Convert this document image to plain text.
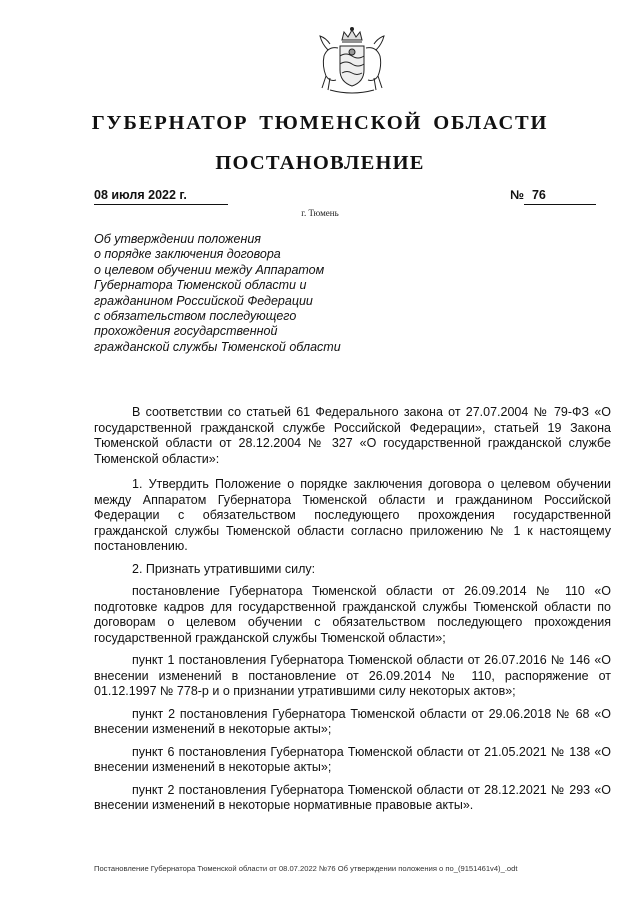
ГУБЕРНАТОР ТЮМЕНСКОЙ ОБЛАСТИ
ПОСТАНОВЛЕНИЕ
08 июля 2022 г.	№ 76
г. Тюмень
Об утверждении положения
о порядке заключения договора
о целевом обучении между Аппаратом
Губернатора Тюменской области и
гражданином Российской Федерации
с обязательством последующего
прохождения государственной
гражданской службы Тюменской области

В соответствии со статьей 61 Федерального закона от 27.07.2004 № 79-ФЗ «О государственной гражданской службе Российской Федерации», статьей 19 Закона Тюменской области от 28.12.2004 № 327 «О государственной гражданской службе Тюменской области»:

1. Утвердить Положение о порядке заключения договора о целевом обучении между Аппаратом Губернатора Тюменской области и гражданином Российской Федерации с обязательством последующего прохождения государственной гражданской службы Тюменской области согласно приложению № 1 к настоящему постановлению.

2. Признать утратившими силу:

постановление Губернатора Тюменской области от 26.09.2014 № 110 «О подготовке кадров для государственной гражданской службы Тюменской области по договорам о целевом обучении с обязательством последующего прохождения государственной гражданской службы Тюменской области»;

пункт 1 постановления Губернатора Тюменской области от 26.07.2016 № 146 «О внесении изменений в постановление от 26.09.2014 № 110, распоряжение от 01.12.1997 № 778-р и о признании утратившими силу некоторых актов»;

пункт 2 постановления Губернатора Тюменской области от 29.06.2018 № 68 «О внесении изменений в некоторые акты»;

пункт 6 постановления Губернатора Тюменской области от 21.05.2021 № 138 «О внесении изменений в некоторые акты»;

пункт 2 постановления Губернатора Тюменской области от 28.12.2021 № 293 «О внесении изменений в некоторые нормативные правовые акты».

Постановление Губернатора Тюменской области от 08.07.2022 №76 Об утверждении положения о по_(9151461v4)_.odt
